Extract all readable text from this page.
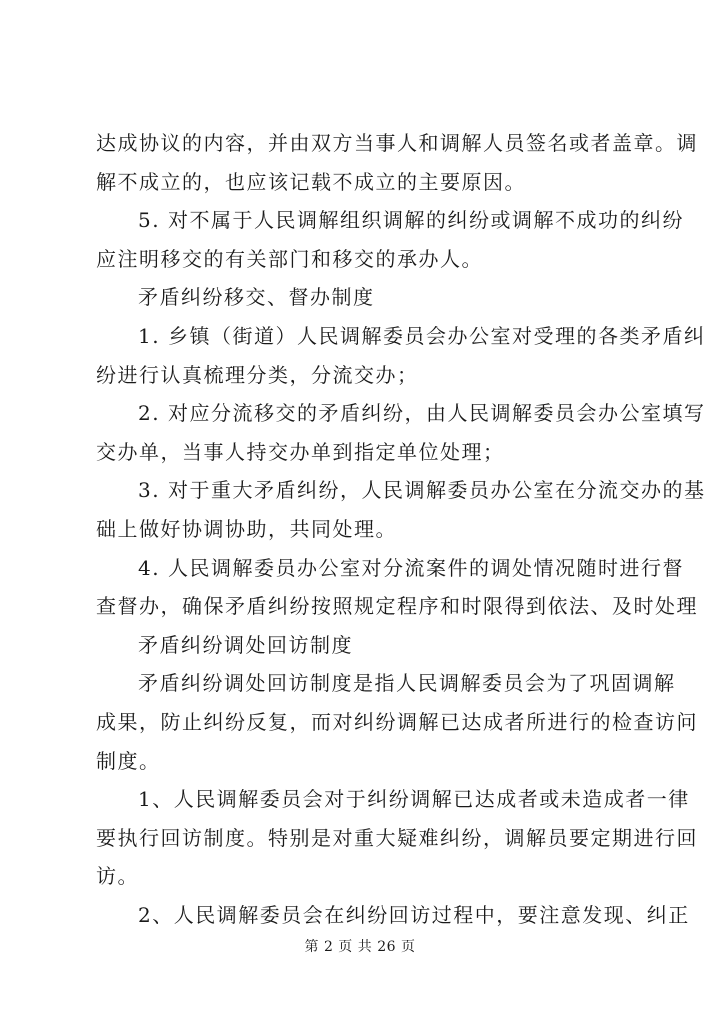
达成协议的内容，并由双方当事人和调解人员签名或者盖章。调
解不成立的，也应该记载不成立的主要原因。
5. 对不属于人民调解组织调解的纠纷或调解不成功的纠纷
应注明移交的有关部门和移交的承办人。
矛盾纠纷移交、督办制度
1. 乡镇（街道）人民调解委员会办公室对受理的各类矛盾纠
纷进行认真梳理分类，分流交办；
2. 对应分流移交的矛盾纠纷，由人民调解委员会办公室填写
交办单，当事人持交办单到指定单位处理；
3. 对于重大矛盾纠纷，人民调解委员办公室在分流交办的基
础上做好协调协助，共同处理。
4. 人民调解委员办公室对分流案件的调处情况随时进行督
查督办，确保矛盾纠纷按照规定程序和时限得到依法、及时处理
矛盾纠纷调处回访制度
矛盾纠纷调处回访制度是指人民调解委员会为了巩固调解
成果，防止纠纷反复，而对纠纷调解已达成者所进行的检查访问
制度。
1、人民调解委员会对于纠纷调解已达成者或未造成者一律
要执行回访制度。特别是对重大疑难纠纷，调解员要定期进行回
访。
2、人民调解委员会在纠纷回访过程中，要注意发现、纠正
第 2 页 共 26 页
